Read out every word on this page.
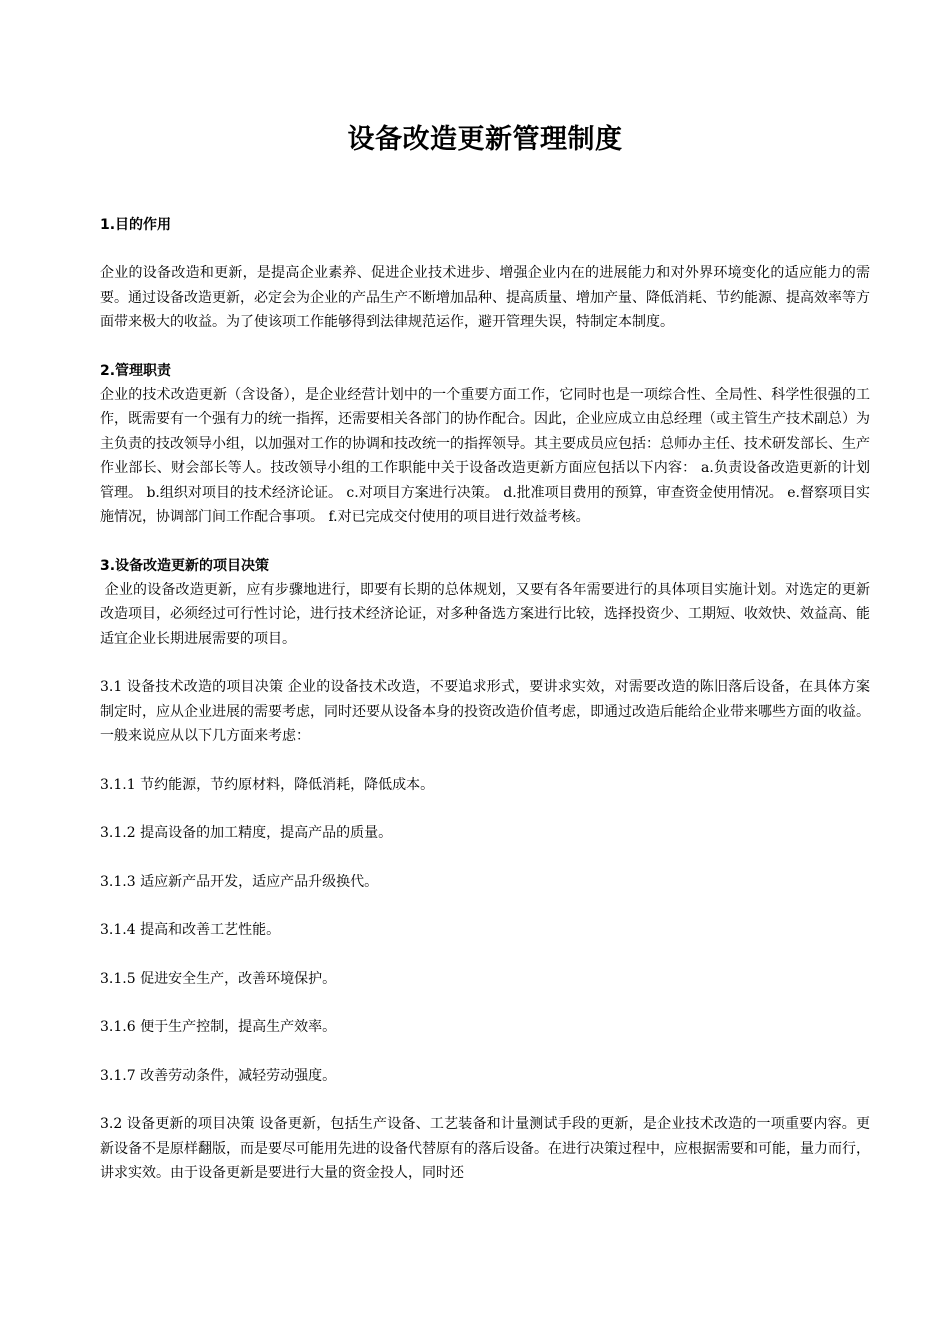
设备改造更新管理制度

1.目的作用

企业的设备改造和更新，是提高企业素养、促进企业技术进步、增强企业内在的进展能力和对外界环境变化的适应能力的需要。通过设备改造更新，必定会为企业的产品生产不断增加品种、提高质量、增加产量、降低消耗、节约能源、提高效率等方面带来极大的收益。为了使该项工作能够得到法律规范运作，避开管理失误，特制定本制度。

2.管理职责

企业的技术改造更新（含设备），是企业经营计划中的一个重要方面工作，它同时也是一项综合性、全局性、科学性很强的工作，既需要有一个强有力的统一指挥，还需要相关各部门的协作配合。因此，企业应成立由总经理（或主管生产技术副总）为主负责的技改领导小组，以加强对工作的协调和技改统一的指挥领导。其主要成员应包括：总师办主任、技术研发部长、生产作业部长、财会部长等人。技改领导小组的工作职能中关于设备改造更新方面应包括以下内容： a.负责设备改造更新的计划管理。 b.组织对项目的技术经济论证。 c.对项目方案进行决策。 d.批准项目费用的预算，审查资金使用情况。 e.督察项目实施情况，协调部门间工作配合事项。 f.对已完成交付使用的项目进行效益考核。

3.设备改造更新的项目决策

企业的设备改造更新，应有步骤地进行，即要有长期的总体规划，又要有各年需要进行的具体项目实施计划。对选定的更新改造项目，必须经过可行性讨论，进行技术经济论证，对多种备选方案进行比较，选择投资少、工期短、收效快、效益高、能适宜企业长期进展需要的项目。

3.1 设备技术改造的项目决策 企业的设备技术改造，不要追求形式，要讲求实效，对需要改造的陈旧落后设备，在具体方案制定时，应从企业进展的需要考虑，同时还要从设备本身的投资改造价值考虑，即通过改造后能给企业带来哪些方面的收益。 一般来说应从以下几方面来考虑：

3.1.1 节约能源，节约原材料，降低消耗，降低成本。

3.1.2 提高设备的加工精度，提高产品的质量。

3.1.3 适应新产品开发，适应产品升级换代。

3.1.4 提高和改善工艺性能。

3.1.5 促进安全生产，改善环境保护。

3.1.6 便于生产控制，提高生产效率。

3.1.7 改善劳动条件，减轻劳动强度。

3.2 设备更新的项目决策 设备更新，包括生产设备、工艺装备和计量测试手段的更新，是企业技术改造的一项重要内容。更新设备不是原样翻版，而是要尽可能用先进的设备代替原有的落后设备。在进行决策过程中，应根据需要和可能，量力而行，讲求实效。由于设备更新是要进行大量的资金投人，同时还
